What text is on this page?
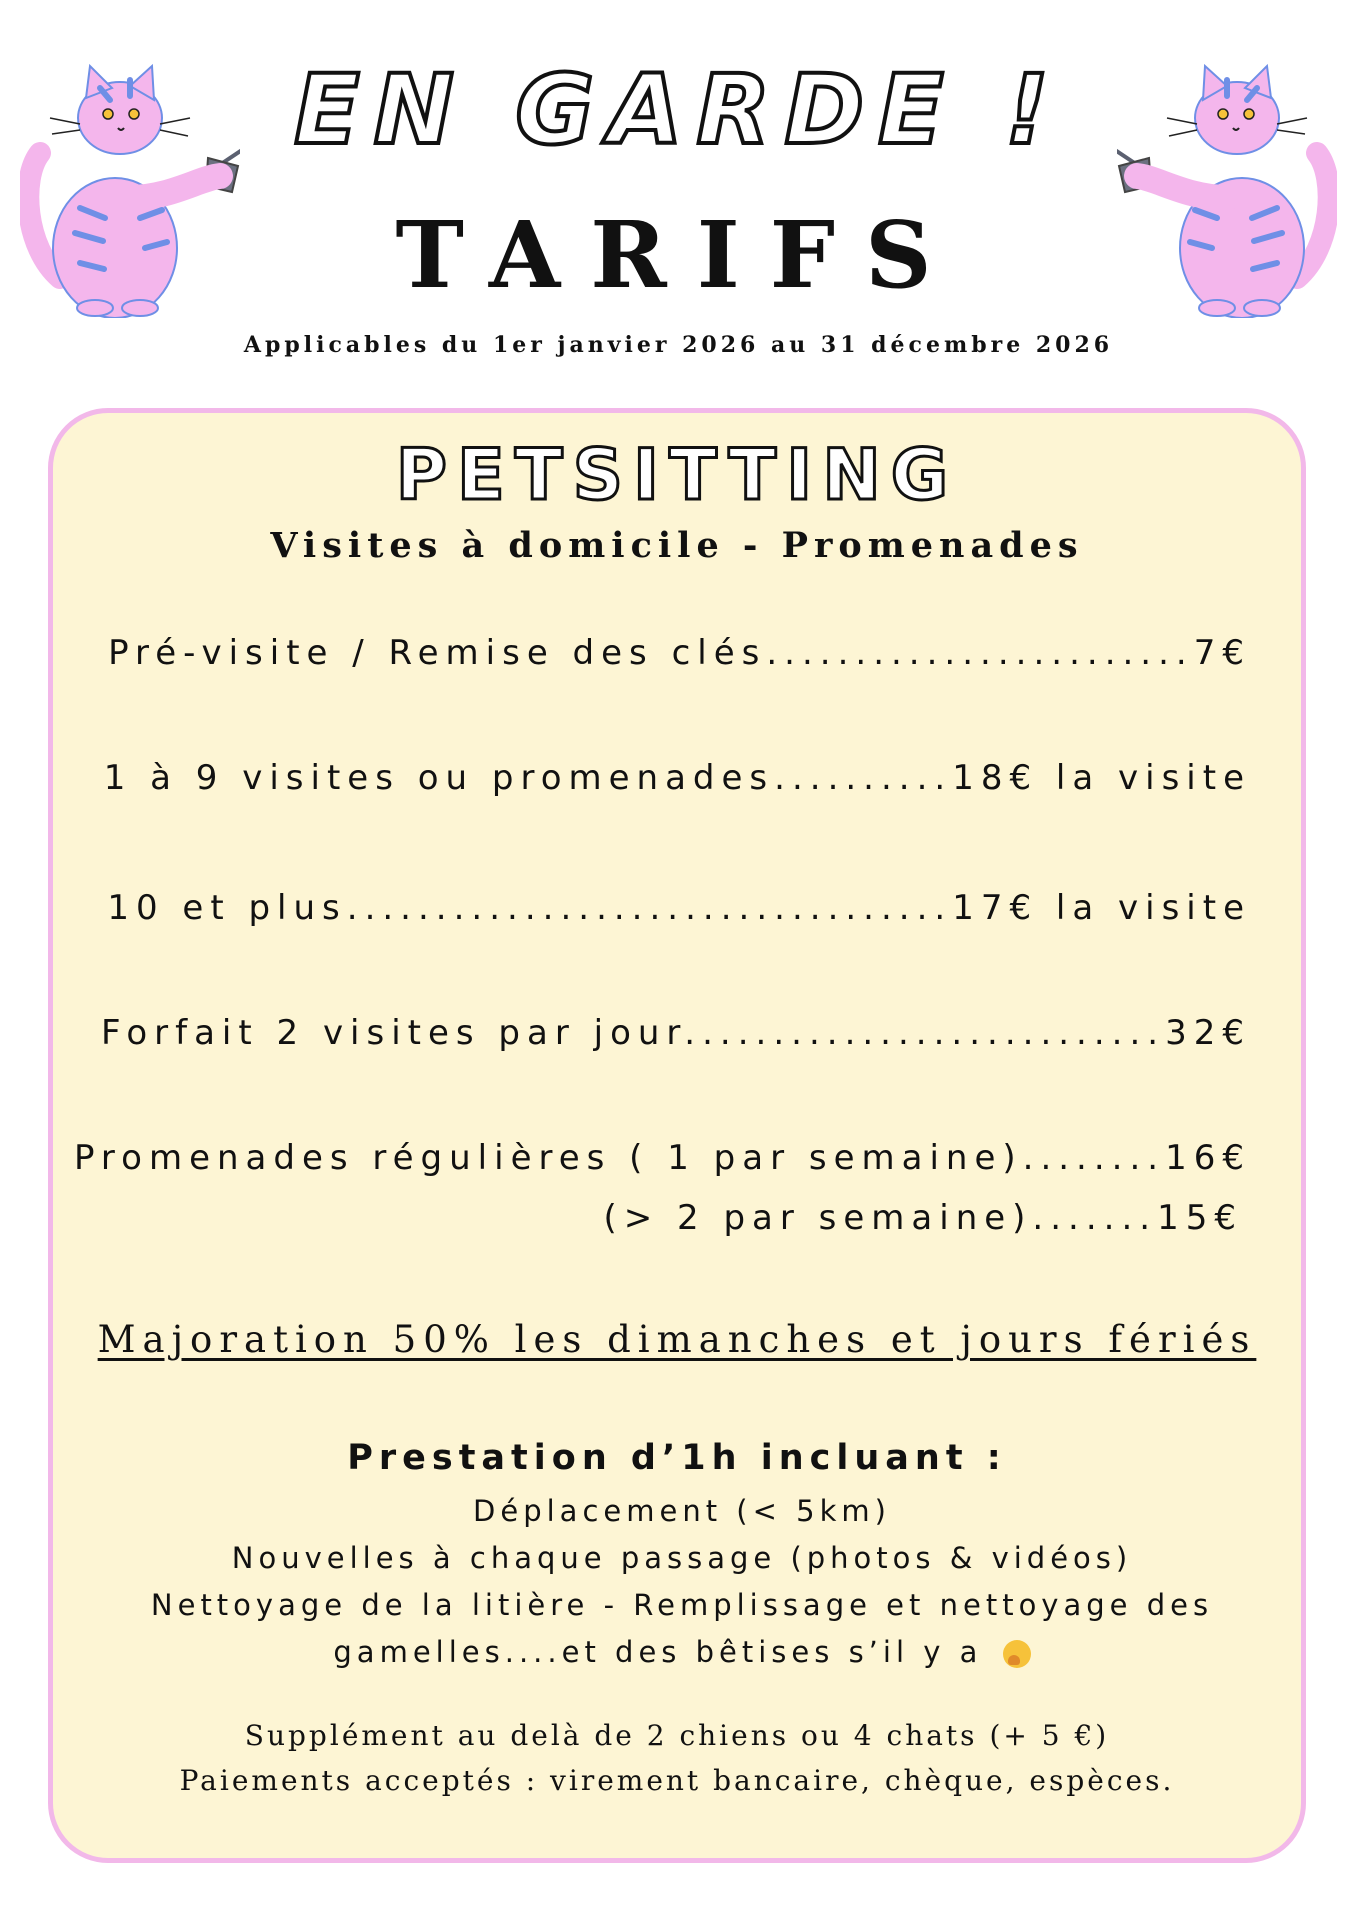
EN GARDE !
TARIFS
Applicables du 1er janvier 2026 au 31 décembre 2026
PETSITTING
Visites à domicile - Promenades
Pré-visite / Remise des clés........................7€
1 à 9 visites ou promenades..........18€ la visite
10 et plus..................................17€ la visite
Forfait 2 visites par jour...........................32€
Promenades régulières ( 1 par semaine)........16€
(> 2 par semaine).......15€
Majoration 50% les dimanches et jours fériés
Prestation d’1h incluant :
Déplacement (< 5km)
Nouvelles à chaque passage (photos & vidéos)
Nettoyage de la litière - Remplissage et nettoyage des
gamelles....et des bêtises s’il y a
Supplément au delà de 2 chiens ou 4 chats (+ 5 €)
Paiements acceptés : virement bancaire, chèque, espèces.
